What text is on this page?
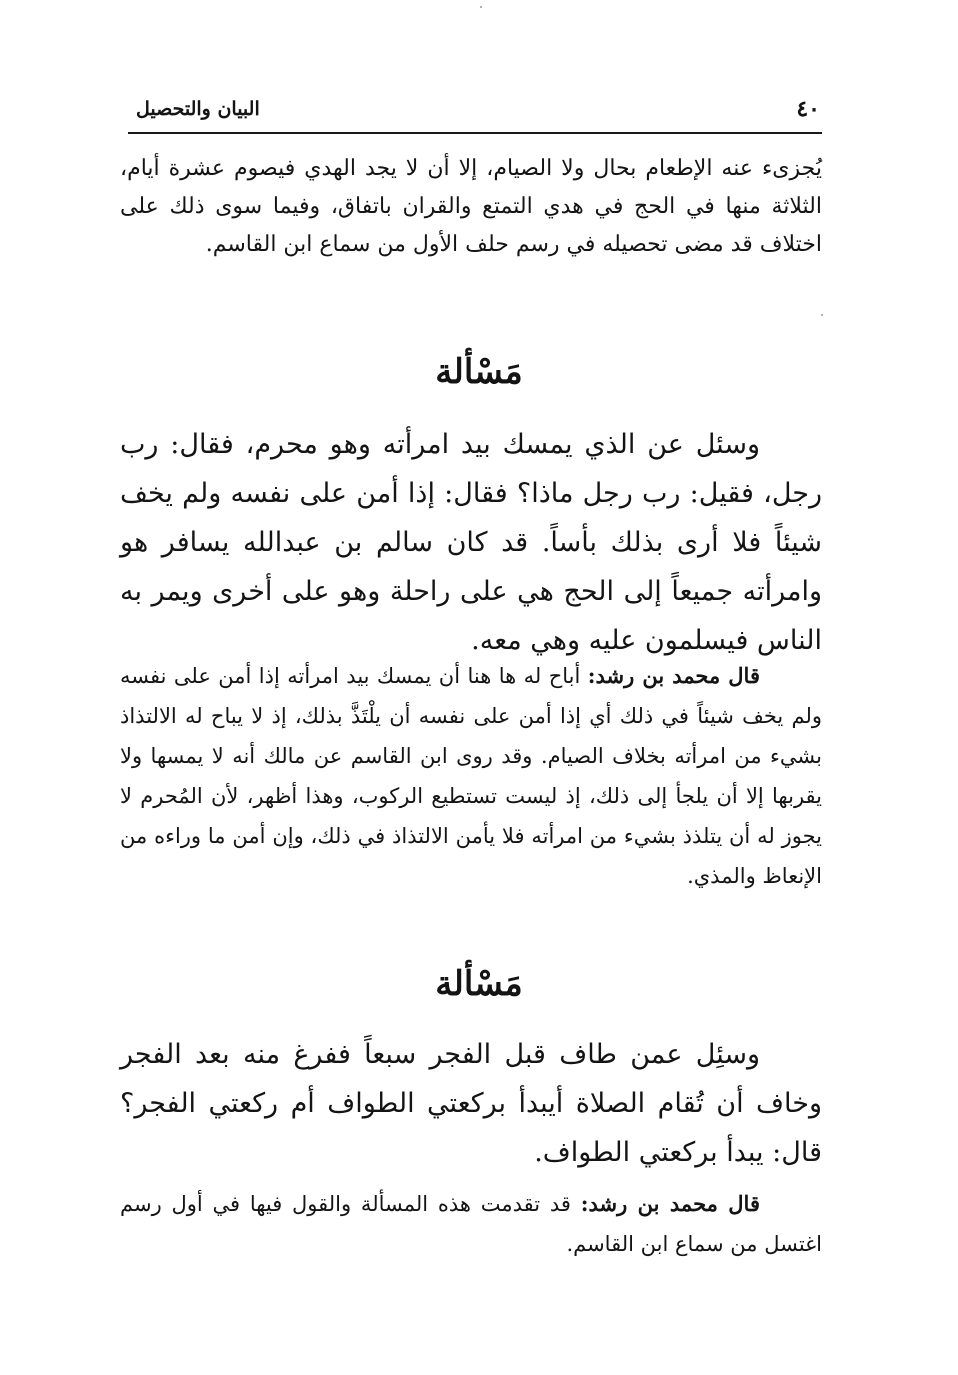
٤٠
البيان والتحصيل

يُجزىء عنه الإطعام بحال ولا الصيام، إلا أن لا يجد الهدي فيصوم عشرة أيام، الثلاثة منها في الحج في هدي التمتع والقران باتفاق، وفيما سوى ذلك على اختلاف قد مضى تحصيله في رسم حلف الأول من سماع ابن القاسم.

مَسْألة

وسئل عن الذي يمسك بيد امرأته وهو محرم، فقال: رب رجل، فقيل: رب رجل ماذا؟ فقال: إذا أمن على نفسه ولم يخف شيئاً فلا أرى بذلك بأساً. قد كان سالم بن عبدالله يسافر هو وامرأته جميعاً إلى الحج هي على راحلة وهو على أخرى ويمر به الناس فيسلمون عليه وهي معه.

قال محمد بن رشد: أباح له ها هنا أن يمسك بيد امرأته إذا أمن على نفسه ولم يخف شيئاً في ذلك أي إذا أمن على نفسه أن يلْتَذَّ بذلك، إذ لا يباح له الالتذاذ بشيء من امرأته بخلاف الصيام. وقد روى ابن القاسم عن مالك أنه لا يمسها ولا يقربها إلا أن يلجأ إلى ذلك، إذ ليست تستطيع الركوب، وهذا أظهر، لأن المُحرم لا يجوز له أن يتلذذ بشيء من امرأته فلا يأمن الالتذاذ في ذلك، وإن أمن ما وراءه من الإنعاظ والمذي.

مَسْألة

وسئِل عمن طاف قبل الفجر سبعاً ففرغ منه بعد الفجر وخاف أن تُقام الصلاة أيبدأ بركعتي الطواف أم ركعتي الفجر؟ قال: يبدأ بركعتي الطواف.

قال محمد بن رشد: قد تقدمت هذه المسألة والقول فيها في أول رسم اغتسل من سماع ابن القاسم.
